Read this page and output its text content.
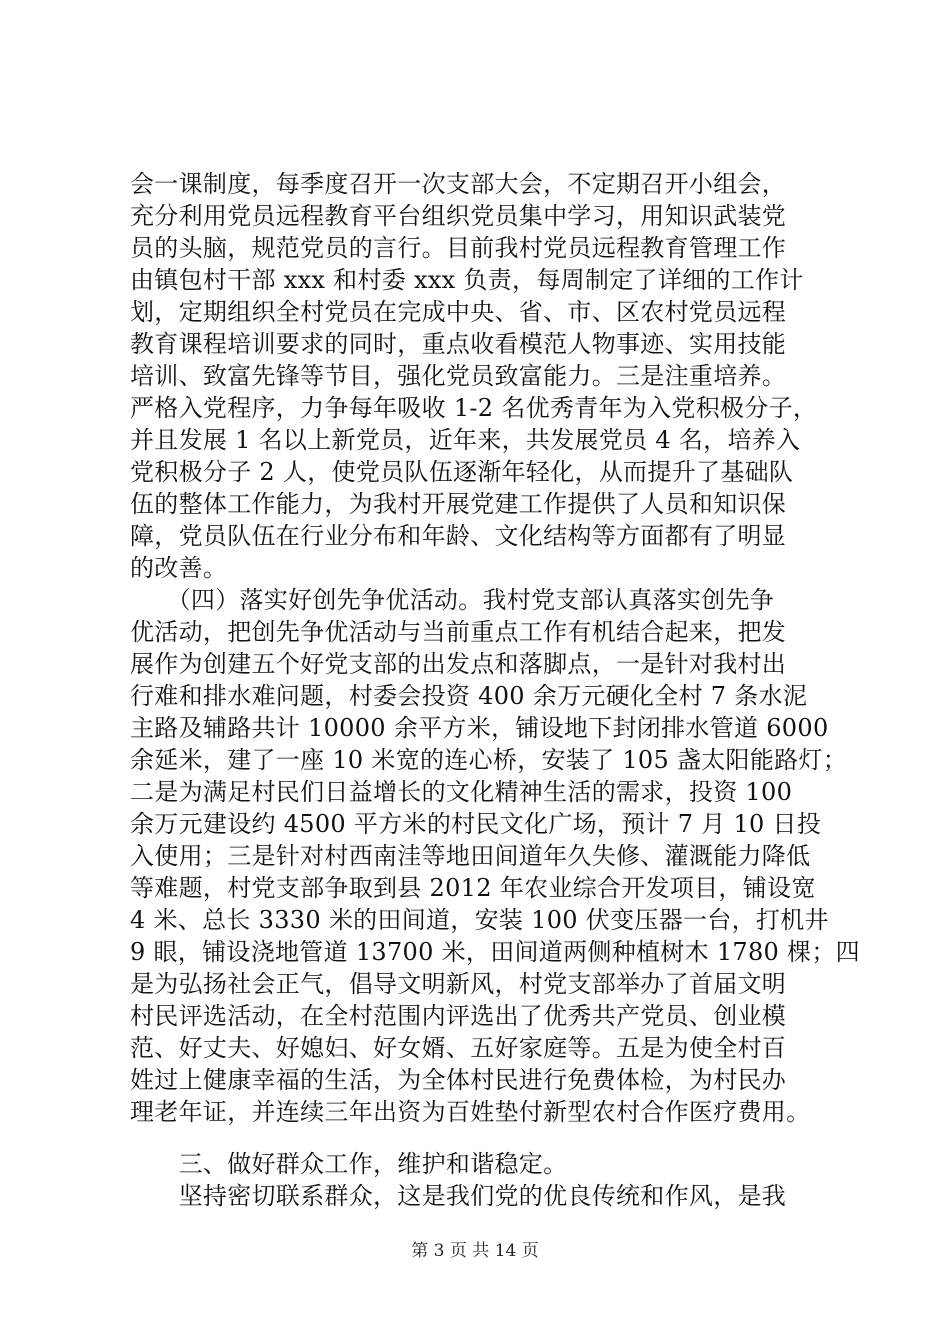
会一课制度，每季度召开一次支部大会，不定期召开小组会，
充分利用党员远程教育平台组织党员集中学习，用知识武装党
员的头脑，规范党员的言行。目前我村党员远程教育管理工作
由镇包村干部 xxx 和村委 xxx 负责，每周制定了详细的工作计
划，定期组织全村党员在完成中央、省、市、区农村党员远程
教育课程培训要求的同时，重点收看模范人物事迹、实用技能
培训、致富先锋等节目，强化党员致富能力。三是注重培养。
严格入党程序，力争每年吸收 1-2 名优秀青年为入党积极分子，
并且发展 1 名以上新党员，近年来，共发展党员 4 名，培养入
党积极分子 2 人，使党员队伍逐渐年轻化，从而提升了基础队
伍的整体工作能力，为我村开展党建工作提供了人员和知识保
障，党员队伍在行业分布和年龄、文化结构等方面都有了明显
的改善。
　　（四）落实好创先争优活动。我村党支部认真落实创先争
优活动，把创先争优活动与当前重点工作有机结合起来，把发
展作为创建五个好党支部的出发点和落脚点，一是针对我村出
行难和排水难问题，村委会投资 400 余万元硬化全村 7 条水泥
主路及辅路共计 10000 余平方米，铺设地下封闭排水管道 6000
余延米，建了一座 10 米宽的连心桥，安装了 105 盏太阳能路灯；
二是为满足村民们日益增长的文化精神生活的需求，投资 100
余万元建设约 4500 平方米的村民文化广场，预计 7 月 10 日投
入使用；三是针对村西南洼等地田间道年久失修、灌溉能力降低
等难题，村党支部争取到县 2012 年农业综合开发项目，铺设宽
4 米、总长 3330 米的田间道，安装 100 伏变压器一台，打机井
9 眼，铺设浇地管道 13700 米，田间道两侧种植树木 1780 棵；四
是为弘扬社会正气，倡导文明新风，村党支部举办了首届文明
村民评选活动，在全村范围内评选出了优秀共产党员、创业模
范、好丈夫、好媳妇、好女婿、五好家庭等。五是为使全村百
姓过上健康幸福的生活，为全体村民进行免费体检，为村民办
理老年证，并连续三年出资为百姓垫付新型农村合作医疗费用。
　　三、做好群众工作，维护和谐稳定。
　　坚持密切联系群众，这是我们党的优良传统和作风，是我
第 3 页 共 14 页
